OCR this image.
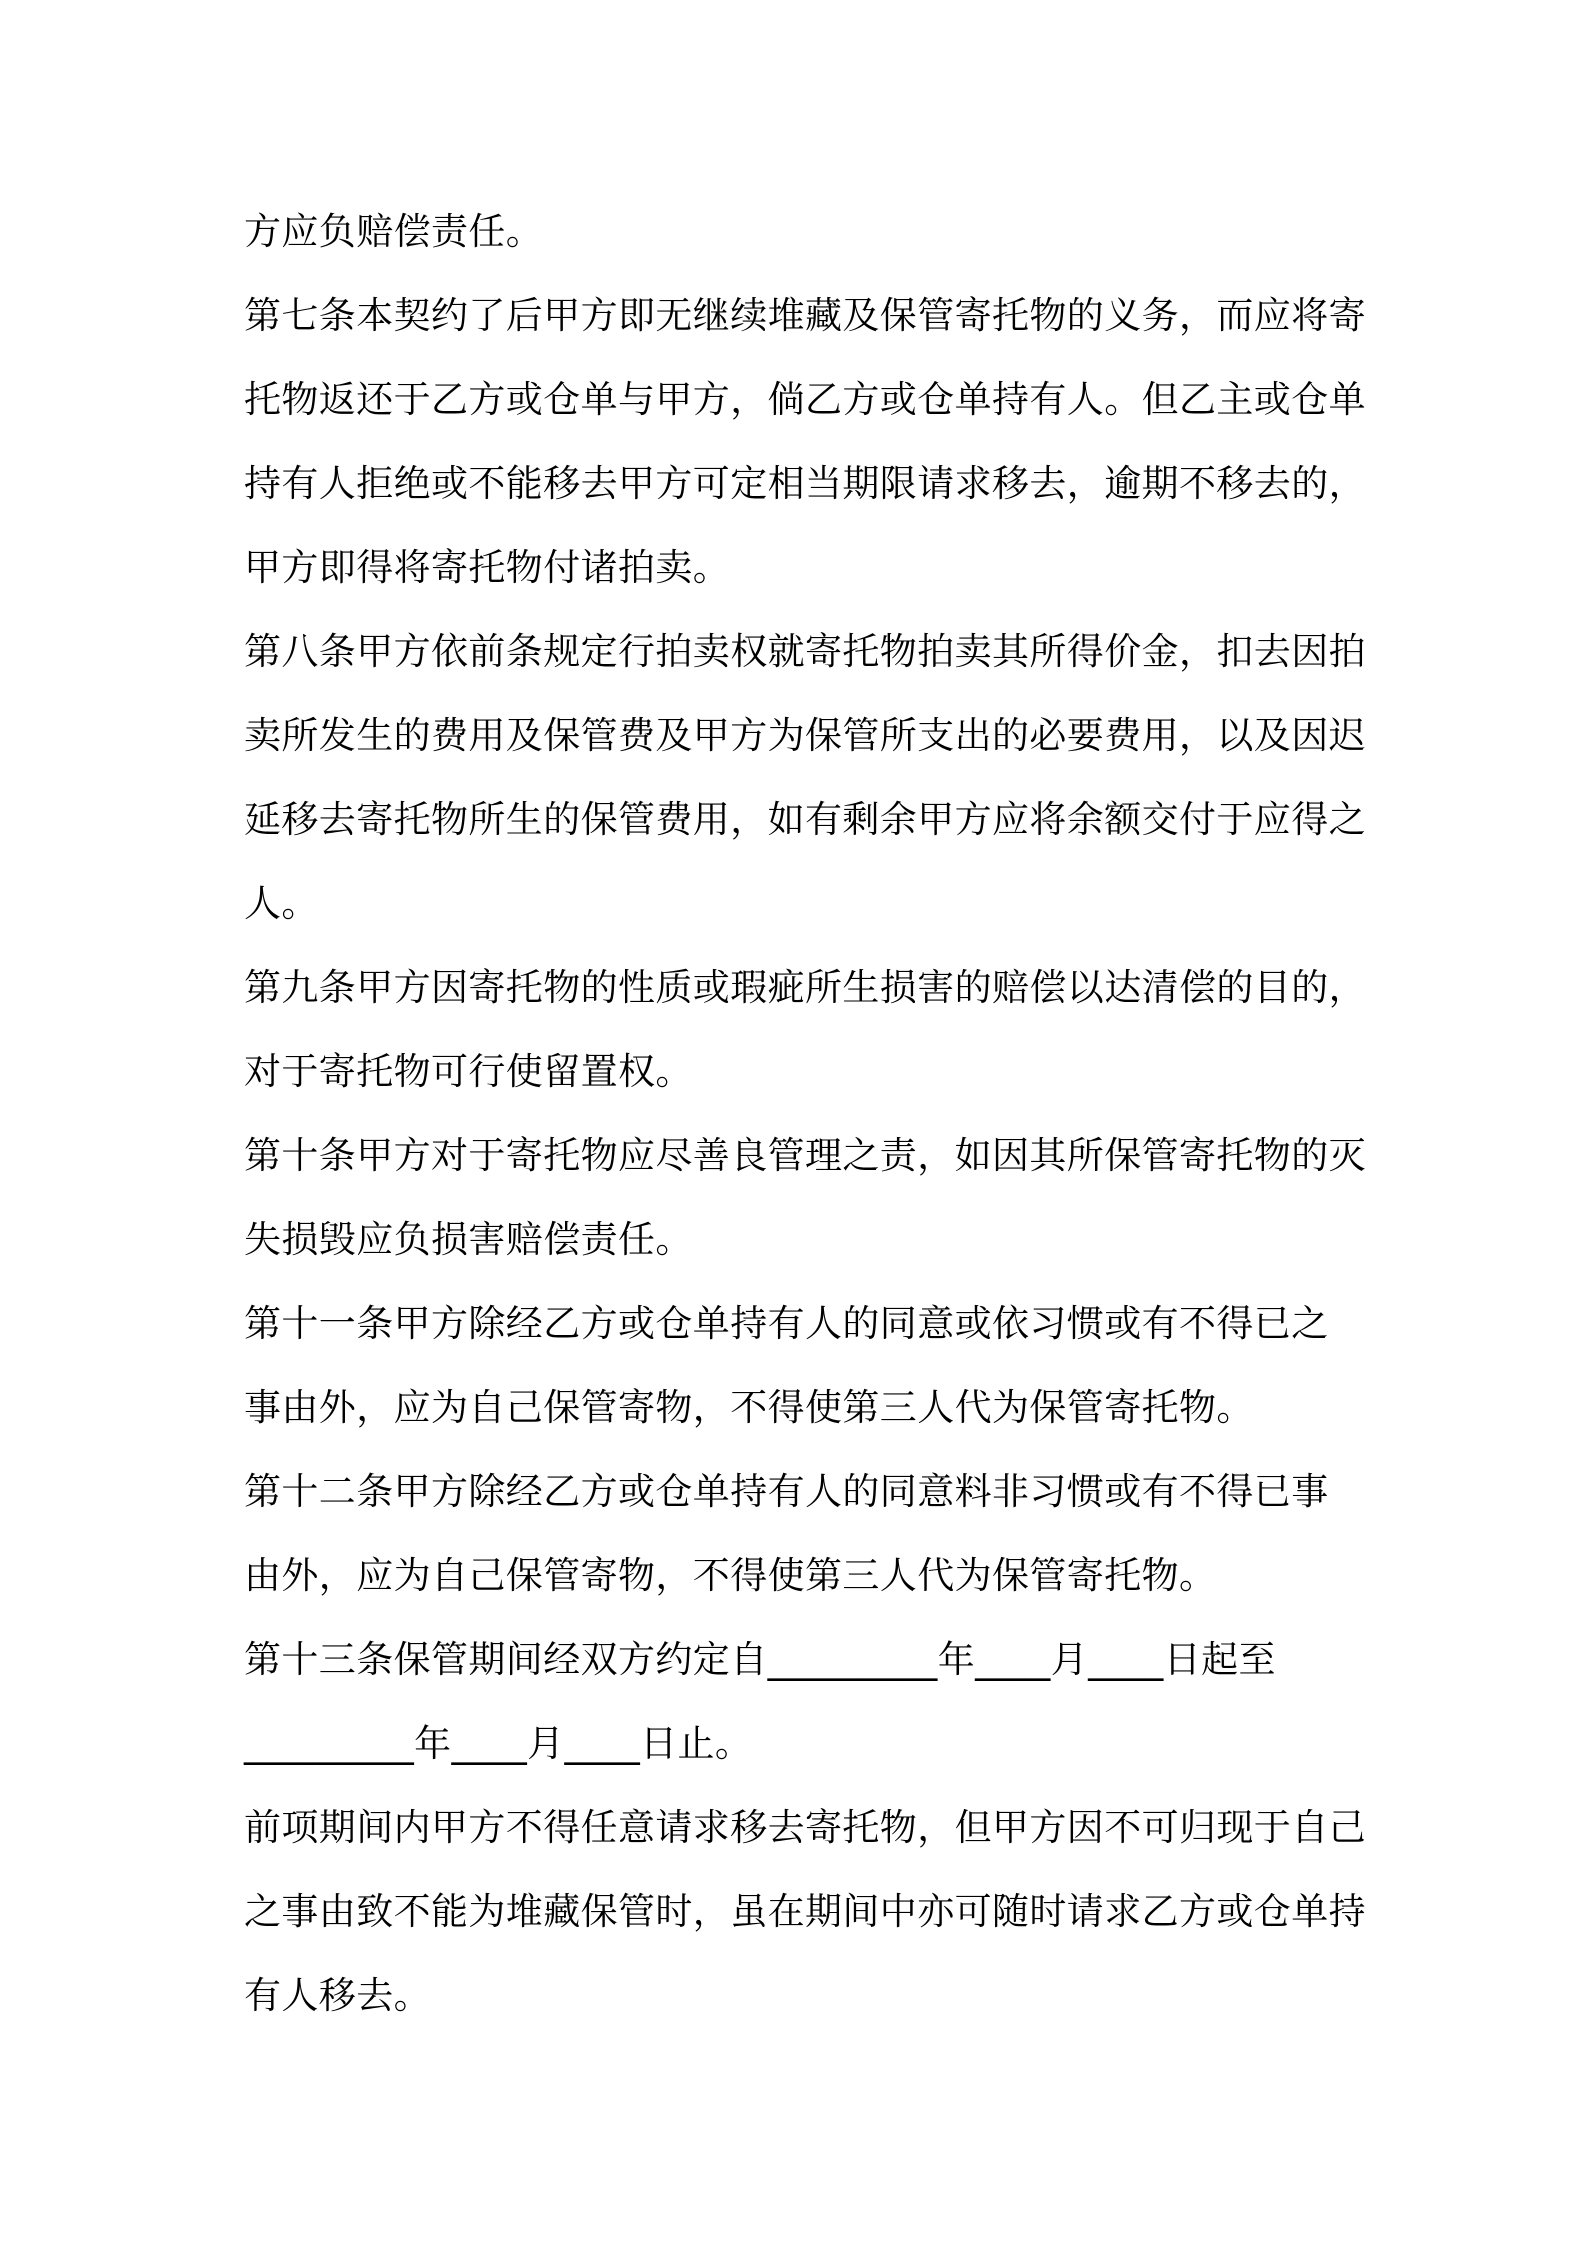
方应负赔偿责任。

第七条本契约了后甲方即无继续堆藏及保管寄托物的义务，而应将寄
托物返还于乙方或仓单与甲方，倘乙方或仓单持有人。但乙主或仓单
持有人拒绝或不能移去甲方可定相当期限请求移去，逾期不移去的，
甲方即得将寄托物付诸拍卖。

第八条甲方依前条规定行拍卖权就寄托物拍卖其所得价金，扣去因拍
卖所发生的费用及保管费及甲方为保管所支出的必要费用，以及因迟
延移去寄托物所生的保管费用，如有剩余甲方应将余额交付于应得之
人。

第九条甲方因寄托物的性质或瑕疵所生损害的赔偿以达清偿的目的，
对于寄托物可行使留置权。

第十条甲方对于寄托物应尽善良管理之责，如因其所保管寄托物的灭
失损毁应负损害赔偿责任。

第十一条甲方除经乙方或仓单持有人的同意或依习惯或有不得已之
事由外，应为自己保管寄物，不得使第三人代为保管寄托物。

第十二条甲方除经乙方或仓单持有人的同意料非习惯或有不得已事
由外，应为自己保管寄物，不得使第三人代为保管寄托物。

第十三条保管期间经双方约定自_________年____月____日起至
_________年____月____日止。

前项期间内甲方不得任意请求移去寄托物，但甲方因不可归现于自己
之事由致不能为堆藏保管时，虽在期间中亦可随时请求乙方或仓单持
有人移去。
